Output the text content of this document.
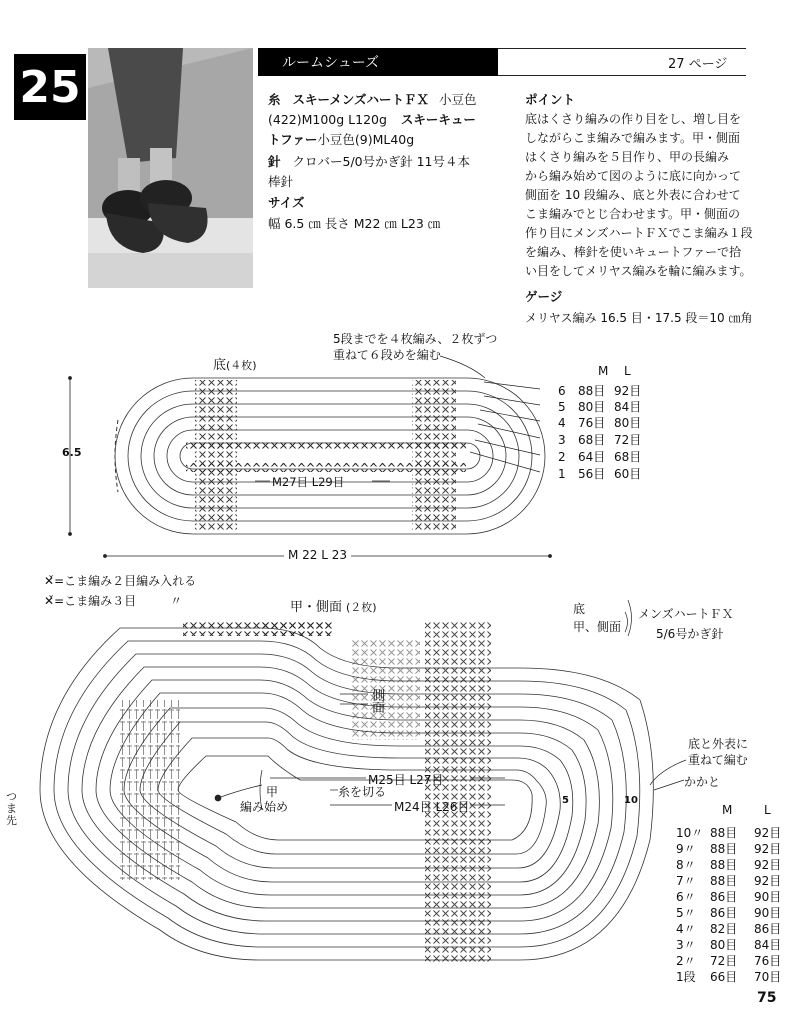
25	ルームシューズ	27 ページ
糸 スキーメンズハートＦＸ 小豆色
(422)M100g L120g スキーキュー
トファー小豆色(9)ML40g
針 クロバー5/0号かぎ針 11号４本
棒針
サイズ
幅 6.5 ㎝ 長さ M22 ㎝ L23 ㎝
ポイント
底はくさり編みの作り目をし、増し目を
しながらこま編みで編みます。甲・側面
はくさり編みを５目作り、甲の長編み
から編み始めて図のように底に向かって
側面を 10 段編み、底と外表に合わせて
こま編みでとじ合わせます。甲・側面の
作り目にメンズハートＦＸでこま編み１段
を編み、棒針を使いキュートファーで拾
い目をしてメリヤス編みを輪に編みます。
ゲージ
メリヤス編み 16.5 目・17.5 段＝10 ㎝角
底(４枚)
5段までを４枚編み、２枚ずつ
重ねて６段めを編む
6.5
M 22 L 23
M27目 L29目
M L
6 88目 92目
5 80目 84目
4 76目 80目
3 68目 72目
2 64目 68目
1 56目 60目
✕̌=こま編み２目編み入れる
✕̌=こま編み３目	〃	甲・側面 (２枚)	底
甲、側面
メンズハートＦＸ
5/6号かぎ針
側
面
甲
編み始め
糸を切る
M25目 L27目
M24目 L26目
つ
ま
先
かかと
底と外表に
重ねて編む
5	10
M	L
10〃 88目 92目
9〃 88目 92目
8〃 88目 92目
7〃 88目 92目
6〃 86目 90目
5〃 86目 90目
4〃 82目 86目
3〃 80目 84目
2〃 72目 76目
1段 66目 70目
75
